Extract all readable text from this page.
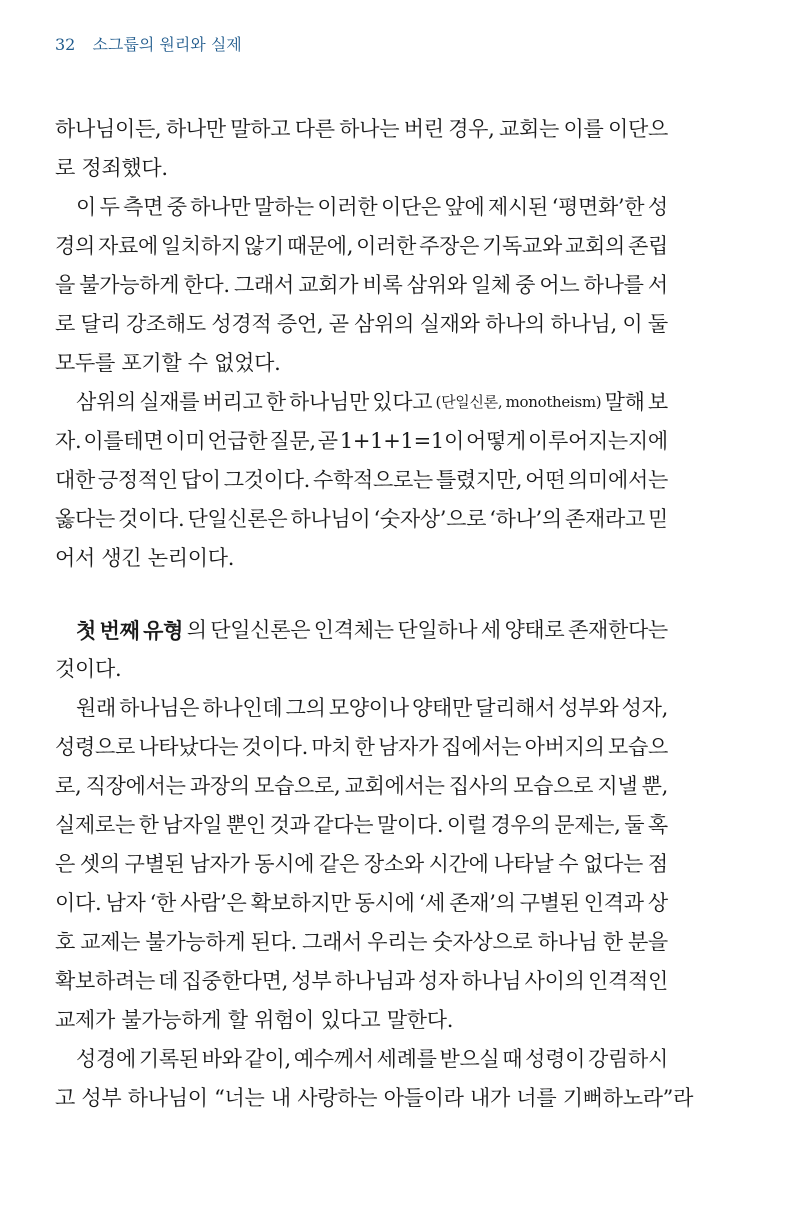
32 소그룹의 원리와 실제
하나님이든, 하나만 말하고 다른 하나는 버린 경우, 교회는 이를 이단으
로
정죄했다.
이 두 측면 중 하나만 말하는 이러한 이단은 앞에 제시된 ‘평면화’한 성
경의 자료에 일치하지 않기 때문에, 이러한 주장은 기독교와 교회의 존립
을 불가능하게 한다. 그래서 교회가 비록 삼위와 일체 중 어느 하나를 서
로 달리 강조해도 성경적 증언, 곧 삼위의 실재와 하나의 하나님, 이 둘
모두를
포기할
수
없었다.
삼위의 실재를 버리고 한 하나님만 있다고 (단일신론, monotheism) 말해 보
자. 이를테면 이미 언급한 질문, 곧 1+1+1=1이 어떻게 이루어지는지에
대한 긍정적인 답이 그것이다. 수학적으로는 틀렸지만, 어떤 의미에서는
옳다는 것이다. 단일신론은 하나님이 ‘숫자상’으로 ‘하나’의 존재라고 믿
어서
생긴
논리이다.
첫 번째 유형 의 단일신론은 인격체는 단일하나 세 양태로 존재한다는
것이다.
원래 하나님은 하나인데 그의 모양이나 양태만 달리해서 성부와 성자,
성령으로 나타났다는 것이다. 마치 한 남자가 집에서는 아버지의 모습으
로, 직장에서는 과장의 모습으로, 교회에서는 집사의 모습으로 지낼 뿐,
실제로는 한 남자일 뿐인 것과 같다는 말이다. 이럴 경우의 문제는, 둘 혹
은 셋의 구별된 남자가 동시에 같은 장소와 시간에 나타날 수 없다는 점
이다. 남자 ‘한 사람’은 확보하지만 동시에 ‘세 존재’의 구별된 인격과 상
호 교제는 불가능하게 된다. 그래서 우리는 숫자상으로 하나님 한 분을
확보하려는 데 집중한다면, 성부 하나님과 성자 하나님 사이의 인격적인
교제가
불가능하게
할
위험이
있다고
말한다.
성경에 기록된 바와 같이, 예수께서 세례를 받으실 때 성령이 강림하시
고
성부
하나님이
“너는
내
사랑하는
아들이라
내가
너를
기뻐하노라”라
